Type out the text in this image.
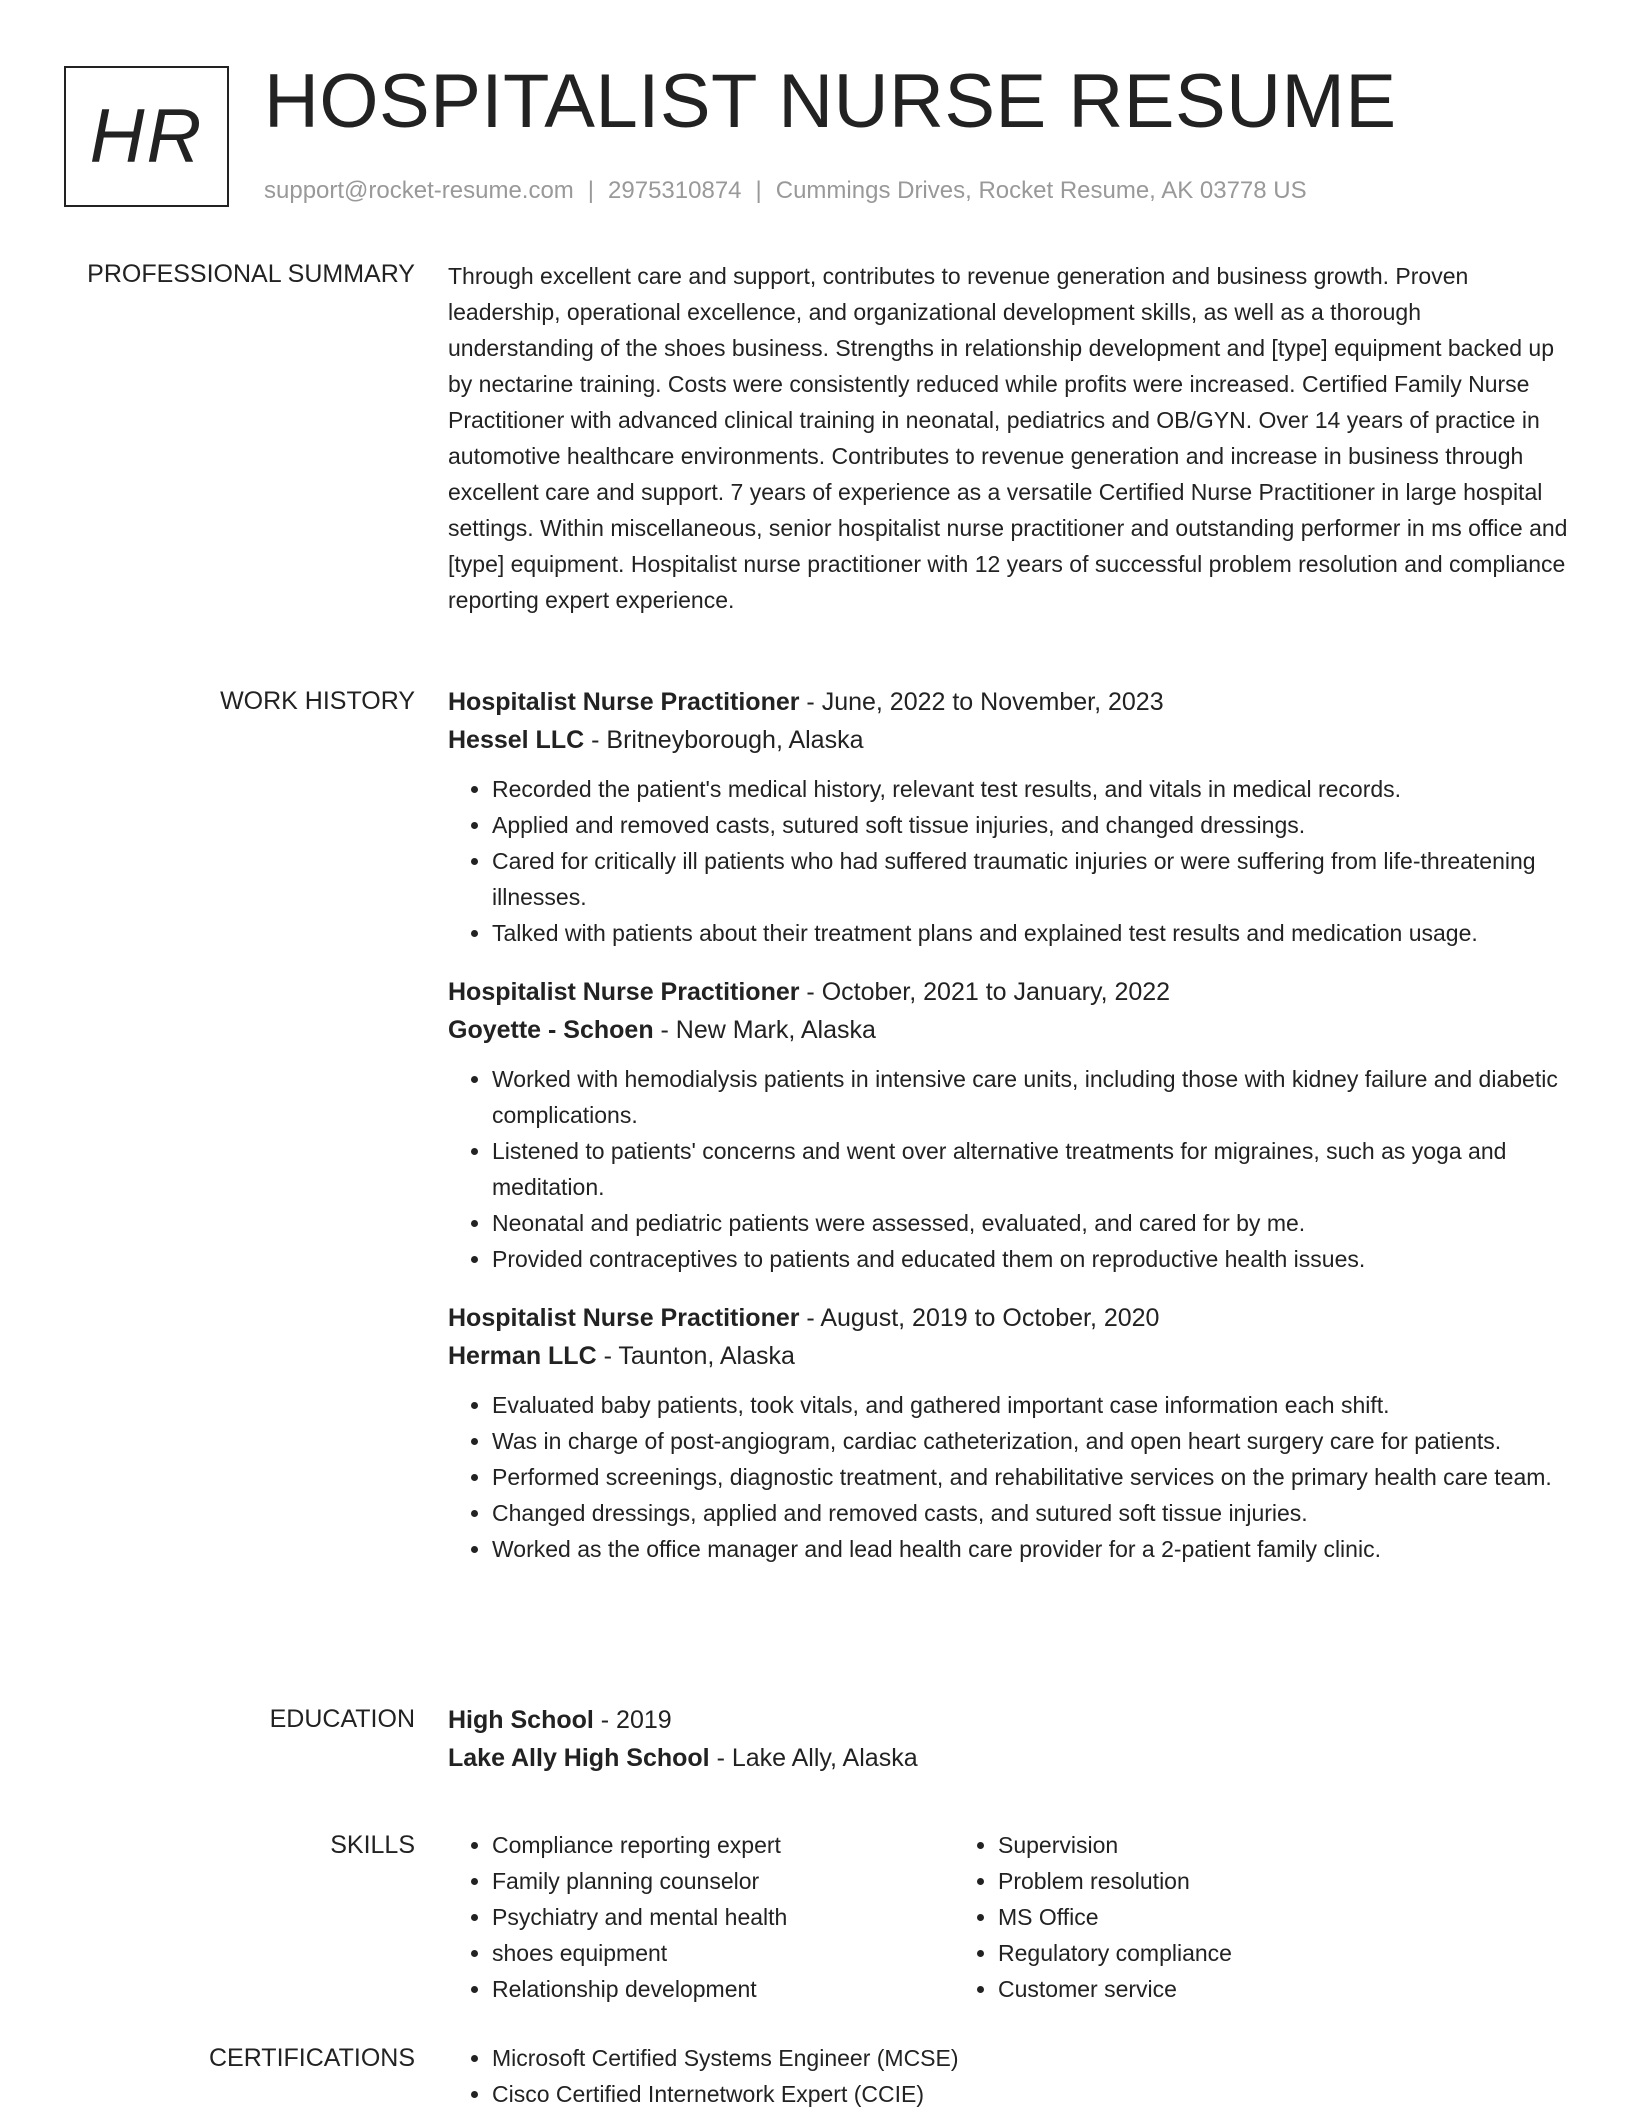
HR HOSPITALIST NURSE RESUME
support@rocket-resume.com | 2975310874 | Cummings Drives, Rocket Resume, AK 03778 US
PROFESSIONAL SUMMARY Through excellent care and support, contributes to revenue generation and business growth. Proven leadership, operational excellence, and organizational development skills, as well as a thorough understanding of the shoes business. Strengths in relationship development and [type] equipment backed up by nectarine training. Costs were consistently reduced while profits were increased. Certified Family Nurse Practitioner with advanced clinical training in neonatal, pediatrics and OB/GYN. Over 14 years of practice in automotive healthcare environments. Contributes to revenue generation and increase in business through excellent care and support. 7 years of experience as a versatile Certified Nurse Practitioner in large hospital settings. Within miscellaneous, senior hospitalist nurse practitioner and outstanding performer in ms office and [type] equipment. Hospitalist nurse practitioner with 12 years of successful problem resolution and compliance reporting expert experience.

WORK HISTORY Hospitalist Nurse Practitioner - June, 2022 to November, 2023
Hessel LLC - Britneyborough, Alaska
• Recorded the patient's medical history, relevant test results, and vitals in medical records.
• Applied and removed casts, sutured soft tissue injuries, and changed dressings.
• Cared for critically ill patients who had suffered traumatic injuries or were suffering from life-threatening illnesses.
• Talked with patients about their treatment plans and explained test results and medication usage.
Hospitalist Nurse Practitioner - October, 2021 to January, 2022
Goyette - Schoen - New Mark, Alaska
• Worked with hemodialysis patients in intensive care units, including those with kidney failure and diabetic complications.
• Listened to patients' concerns and went over alternative treatments for migraines, such as yoga and meditation.
• Neonatal and pediatric patients were assessed, evaluated, and cared for by me.
• Provided contraceptives to patients and educated them on reproductive health issues.
Hospitalist Nurse Practitioner - August, 2019 to October, 2020
Herman LLC - Taunton, Alaska
• Evaluated baby patients, took vitals, and gathered important case information each shift.
• Was in charge of post-angiogram, cardiac catheterization, and open heart surgery care for patients.
• Performed screenings, diagnostic treatment, and rehabilitative services on the primary health care team.
• Changed dressings, applied and removed casts, and sutured soft tissue injuries.
• Worked as the office manager and lead health care provider for a 2-patient family clinic.
EDUCATION High School - 2019
Lake Ally High School - Lake Ally, Alaska
SKILLS	• Compliance reporting expert
• Family planning counselor
• Psychiatry and mental health
• shoes equipment
• Relationship development
• Supervision
• Problem resolution
• MS Office
• Regulatory compliance
• Customer service
CERTIFICATIONS	• Microsoft Certified Systems Engineer (MCSE)
• Cisco Certified Internetwork Expert (CCIE)
